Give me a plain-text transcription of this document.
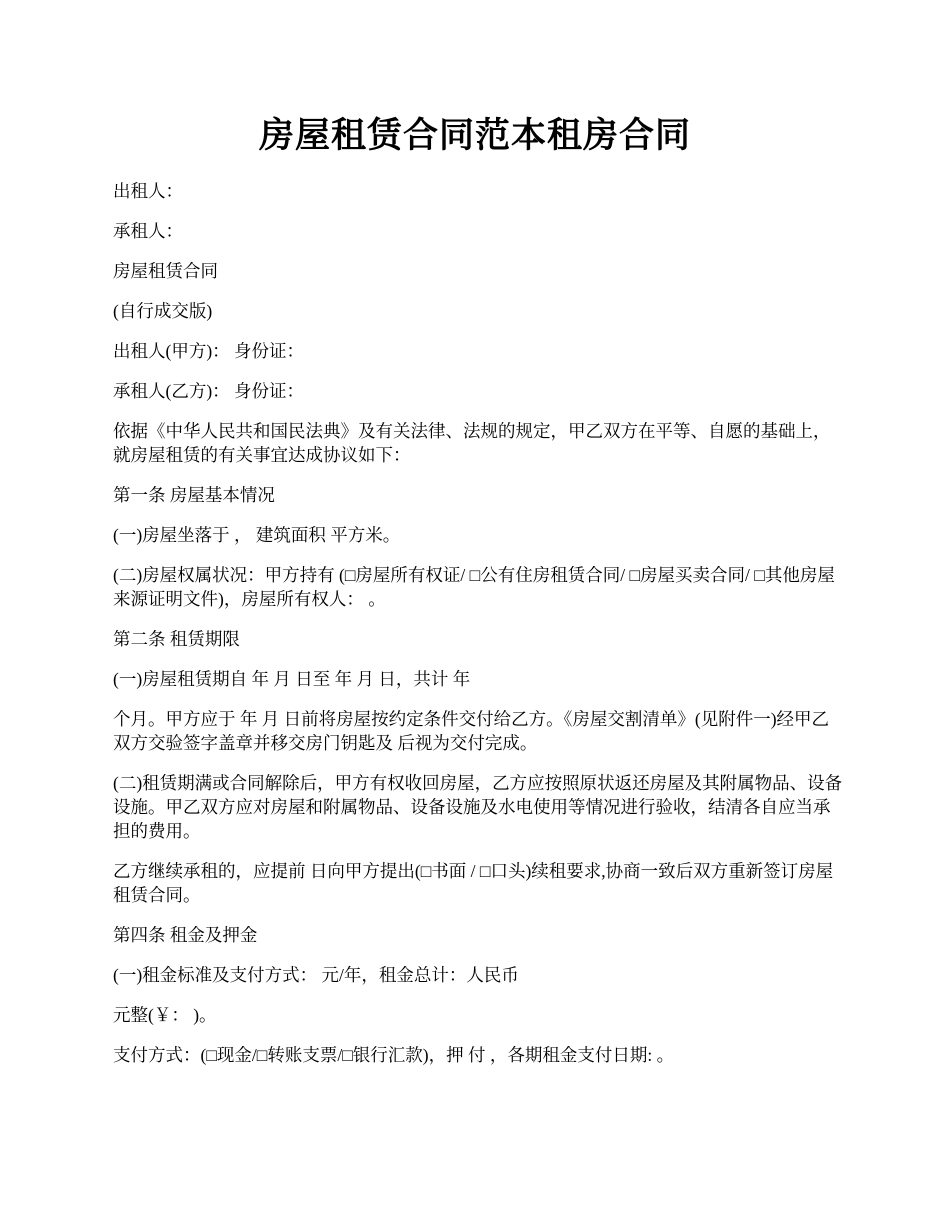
房屋租赁合同范本租房合同

出租人：

承租人：

房屋租赁合同

(自行成交版)

出租人(甲方)： 身份证：

承租人(乙方)： 身份证：

依据《中华人民共和国民法典》及有关法律、法规的规定，甲乙双方在平等、自愿的基础上，就房屋租赁的有关事宜达成协议如下：

第一条 房屋基本情况

(一)房屋坐落于 ， 建筑面积 平方米。

(二)房屋权属状况：甲方持有 (□房屋所有权证/ □公有住房租赁合同/ □房屋买卖合同/ □其他房屋来源证明文件)，房屋所有权人： 。

第二条 租赁期限

(一)房屋租赁期自 年 月 日至 年 月 日，共计 年

个月。甲方应于 年 月 日前将房屋按约定条件交付给乙方。《房屋交割清单》(见附件一)经甲乙双方交验签字盖章并移交房门钥匙及 后视为交付完成。

(二)租赁期满或合同解除后，甲方有权收回房屋，乙方应按照原状返还房屋及其附属物品、设备设施。甲乙双方应对房屋和附属物品、设备设施及水电使用等情况进行验收，结清各自应当承担的费用。

乙方继续承租的，应提前 日向甲方提出(□书面 / □口头)续租要求,协商一致后双方重新签订房屋租赁合同。

第四条 租金及押金

(一)租金标准及支付方式： 元/年，租金总计：人民币

元整(￥： )。

支付方式：(□现金/□转账支票/□银行汇款)，押 付 ，各期租金支付日期: 。
